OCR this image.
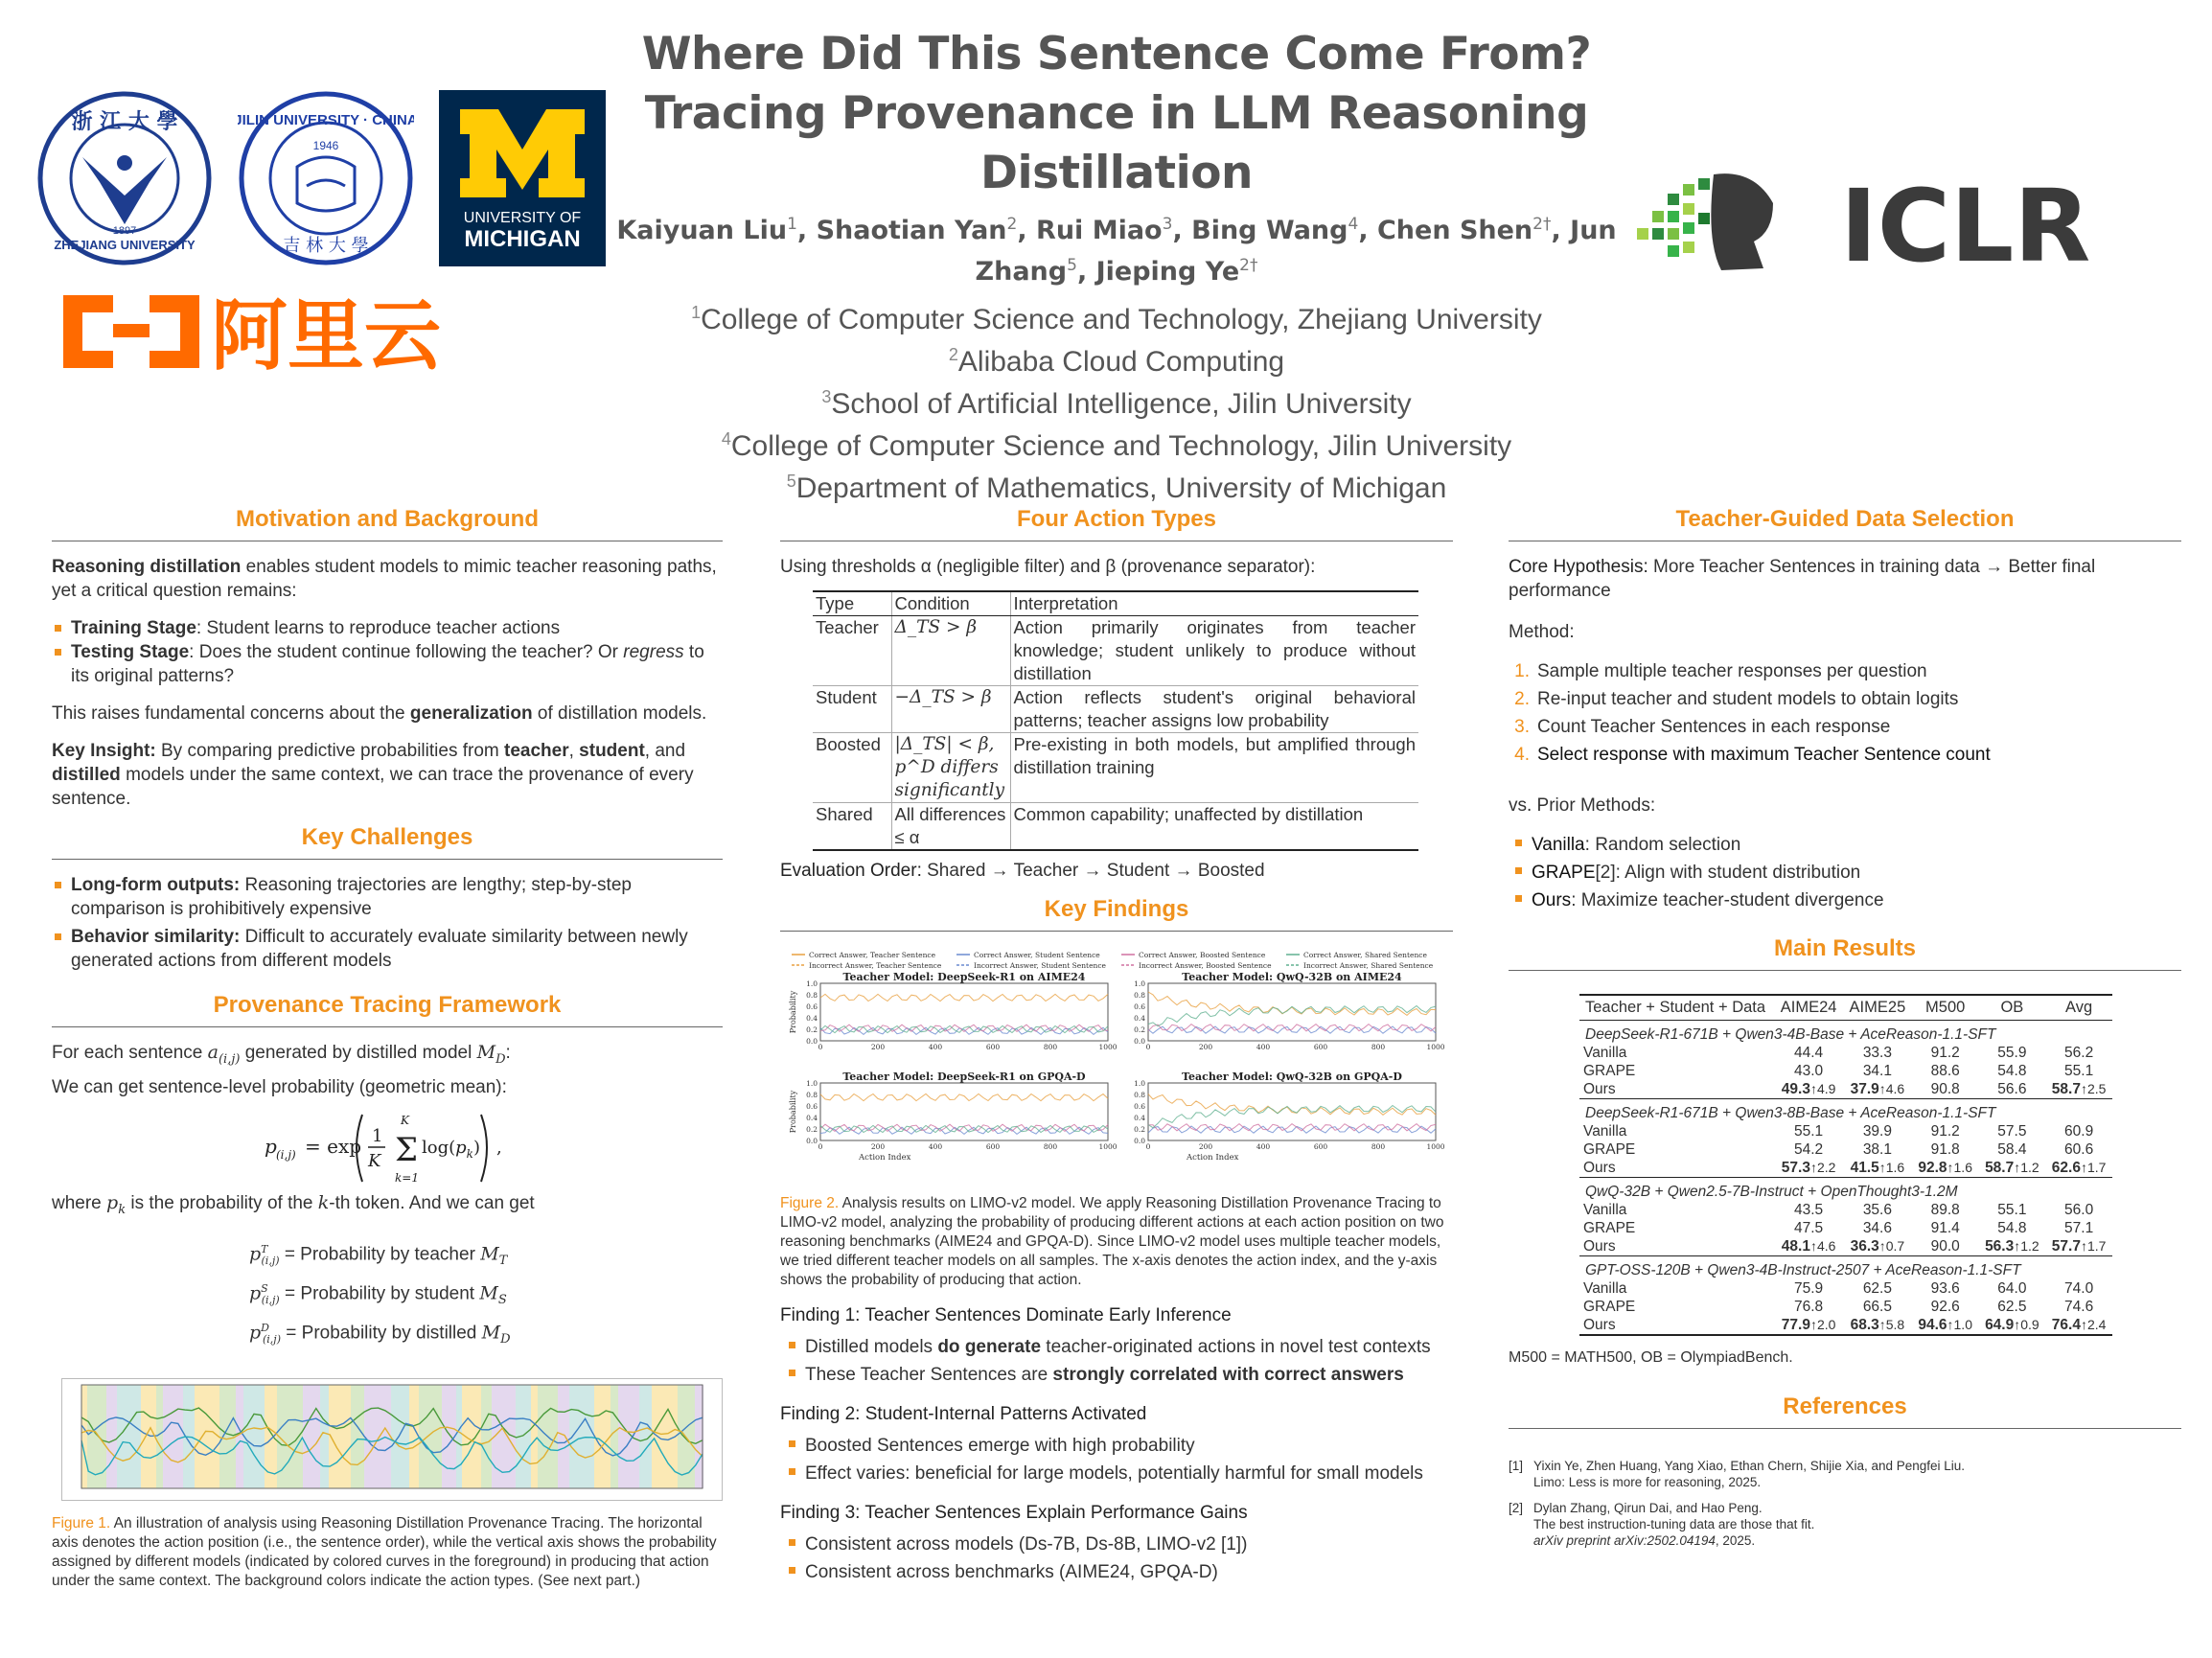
浙 江 大 學
ZHEJIANG UNIVERSITY
1897
JILIN UNIVERSITY · CHINA
1946
吉 林 大 學
UNIVERSITY OF
MICHIGAN
阿里云
ICLR
Where Did This Sentence Come From? Tracing Provenance in LLM Reasoning Distillation
Kaiyuan Liu$^1$, Shaotian Yan$^2$, Rui Miao$^3$, Bing Wang$^4$, Chen Shen$^{2\dagger}$, Jun Zhang$^5$, Jieping $Ye^{2\dagger}$
$^1$College of Computer Science and Technology, Zhejiang University
$^2$Alibaba Cloud Computing
$^3$School of Artificial Intelligence, Jilin University
$^4$College of Computer Science and Technology, Jilin University
$^5$Department of Mathematics, University of Michigan
Motivation and Background

Reasoning distillation enables student models to mimic teacher reasoning paths, yet a critical question remains:

Training Stage: Student learns to reproduce teacher actions
Testing Stage: Does the student continue following the teacher? Or regress to its original patterns?

This raises fundamental concerns about the generalization of distillation models.

Key Insight: By comparing predictive probabilities from teacher, student, and distilled models under the same context, we can trace the provenance of every sentence.

Key Challenges
Long-form outputs: Reasoning trajectories are lengthy; step-by-step comparison is prohibitively expensive
Behavior similarity: Difficult to accurately evaluate similarity between newly generated actions from different models
Provenance Tracing Framework

For each sentence $a_{(i,j)}$ generated by distilled model $M_D$:

We can get sentence-level probability (geometric mean):

p (i,j) = exp 1
K Σ
K
k=1
$\log(p_k)$ ,

where $p_k$ is the probability of the k-th token. And we can get

$p^T_{(i,j)}$ = Probability by teacher $M_T$
$p^S_{(i,j)}$ = Probability by student $M_S$
$p^D_{(i,j)}$ = Probability by distilled $M_D$

Figure 1. An illustration of analysis using Reasoning Distillation Provenance Tracing. The horizontal axis denotes the action position (i.e., the sentence order), while the vertical axis shows the probability assigned by different models (indicated by colored curves in the foreground) in producing that action under the same context. The background colors indicate the action types. (See next part.)

Four Action Types

Using thresholds α (negligible filter) and β (provenance separator):

Type	Condition	Interpretation
Teacher	Δ_TS > β	Action primarily originates from teacher knowledge; student unlikely to produce without distillation
Student	−Δ_TS > β	Action reflects student's original behavioral patterns; teacher assigns low probability
Boosted	|Δ_TS| < β, p^D differs significantly	Pre-existing in both models, but amplified through distillation training
Shared	All differences ≤ α	Common capability; unaffected by distillation

Evaluation Order: Shared → Teacher → Student → Boosted

Key Findings
Correct Answer, Teacher Sentence
Incorrect Answer, Teacher Sentence
Correct Answer, Student Sentence
Incorrect Answer, Student Sentence
Correct Answer, Boosted Sentence
Incorrect Answer, Boosted Sentence
Correct Answer, Shared Sentence
Incorrect Answer, Shared Sentence
Teacher Model: DeepSeek-R1 on AIME24
1.0
0.8
0.6
0.4
0.2
0.0
0	200	400	600	800	1000
Probability
Teacher Model: QwQ-32B on AIME24
1.0
0.8
0.6
0.4
0.2
0.0
0	200	400	600	800	1000
Teacher Model: DeepSeek-R1 on GPQA-D
1.0
0.8
0.6
0.4
0.2
0.0
0	200	400	600	800	1000
Probability
Action Index
Teacher Model: QwQ-32B on GPQA-D
1.0
0.8
0.6
0.4
0.2
0.0
0	200	400	600	800	1000
Action Index

Figure 2. Analysis results on LIMO-v2 model. We apply Reasoning Distillation Provenance Tracing to LIMO-v2 model, analyzing the probability of producing different actions at each action position on two reasoning benchmarks (AIME24 and GPQA-D). Since LIMO-v2 model uses multiple teacher models, we tried different teacher models on all samples. The x-axis denotes the action index, and the y-axis shows the probability of producing that action.

Finding 1: Teacher Sentences Dominate Early Inference

Distilled models do generate teacher-originated actions in novel test contexts
These Teacher Sentences are strongly correlated with correct answers

Finding 2: Student-Internal Patterns Activated

Boosted Sentences emerge with high probability
Effect varies: beneficial for large models, potentially harmful for small models

Finding 3: Teacher Sentences Explain Performance Gains

Consistent across models (Ds-7B, Ds-8B, LIMO-v2 [1])
Consistent across benchmarks (AIME24, GPQA-D)
Teacher-Guided Data Selection

Core Hypothesis: More Teacher Sentences in training data → Better final performance

Method:

1. Sample multiple teacher responses per question
2. Re-input teacher and student models to obtain logits
3. Count Teacher Sentences in each response
4. Select response with maximum Teacher Sentence count

vs. Prior Methods:

Vanilla: Random selection
GRAPE[2]: Align with student distribution
Ours: Maximize teacher-student divergence
Main Results
Teacher + Student + Data	AIME24	AIME25	M500	OB	Avg
DeepSeek-R1-671B + Qwen3-4B-Base + AceReason-1.1-SFT					
Vanilla	44.4	33.3	91.2	55.9	56.2
GRAPE	43.0	34.1	88.6	54.8	55.1
Ours	49.3↑4.9	37.9↑4.6	90.8	56.6	58.7↑2.5
DeepSeek-R1-671B + Qwen3-8B-Base + AceReason-1.1-SFT					
Vanilla	55.1	39.9	91.2	57.5	60.9
GRAPE	54.2	38.1	91.8	58.4	60.6
Ours	57.3↑2.2	41.5↑1.6	92.8↑1.6	58.7↑1.2	62.6↑1.7
QwQ-32B + Qwen2.5-7B-Instruct + OpenThought3-1.2M					
Vanilla	43.5	35.6	89.8	55.1	56.0
GRAPE	47.5	34.6	91.4	54.8	57.1
Ours	48.1↑4.6	36.3↑0.7	90.0	56.3↑1.2	57.7↑1.7
GPT-OSS-120B + Qwen3-4B-Instruct-2507 + AceReason-1.1-SFT					
Vanilla	75.9	62.5	93.6	64.0	74.0
GRAPE	76.8	66.5	92.6	62.5	74.6
Ours	77.9↑2.0	68.3↑5.8	94.6↑1.0	64.9↑0.9	76.4↑2.4

M500 = MATH500, OB = OlympiadBench.

References
[1] Yixin Ye, Zhen Huang, Yang Xiao, Ethan Chern, Shijie Xia, and Pengfei Liu.
Limo: Less is more for reasoning, 2025.
[2] Dylan Zhang, Qirun Dai, and Hao Peng.
The best instruction-tuning data are those that fit.
arXiv preprint arXiv:2502.04194, 2025.
